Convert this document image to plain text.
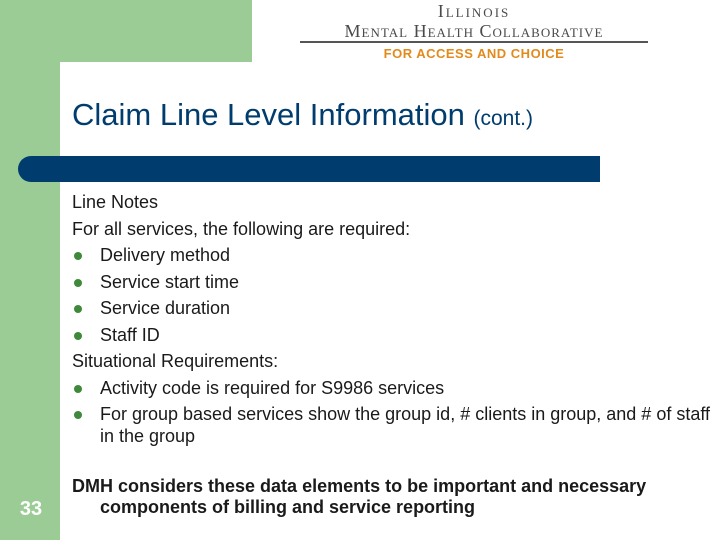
Illinois
Mental Health Collaborative
FOR ACCESS AND CHOICE
Claim Line Level Information (cont.)
Line Notes
For all services, the following are required:
Delivery method
Service start time
Service duration
Staff ID
Situational Requirements:
Activity code is required for S9986 services
For group based services show the group id, # clients in group, and # of staff in the group
DMH considers these data elements to be important and necessary
components of billing and service reporting
33
